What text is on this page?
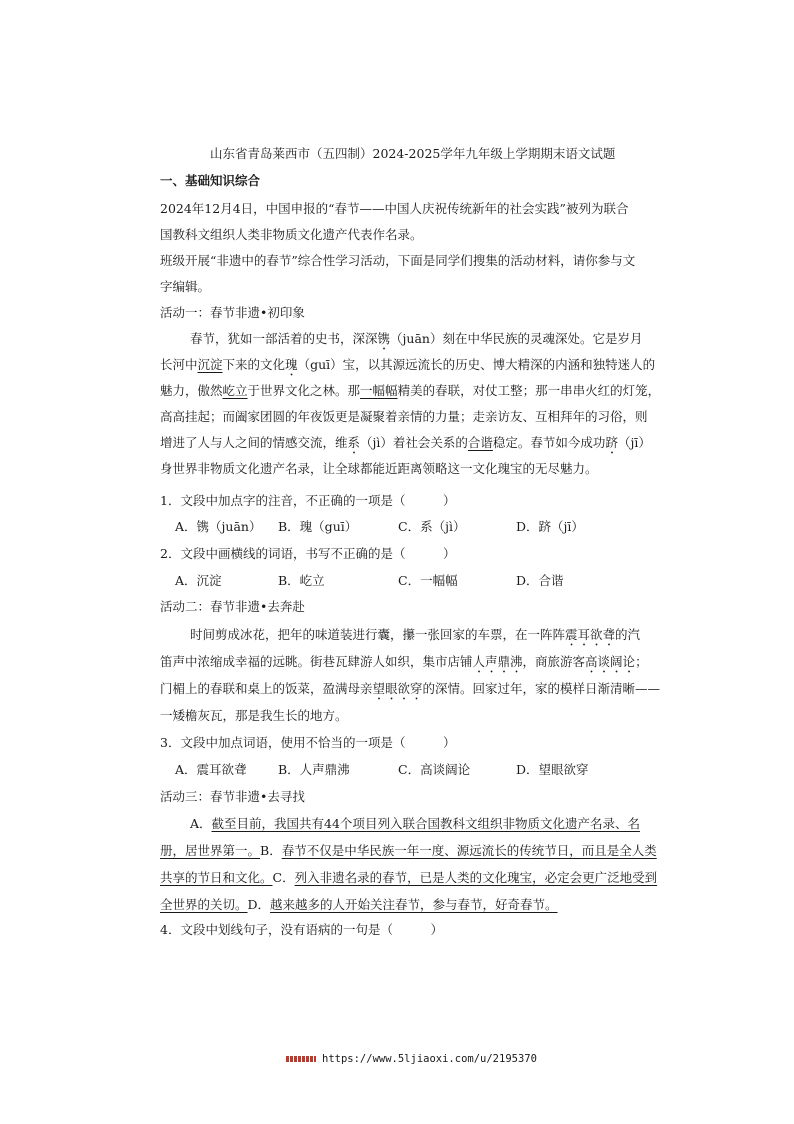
山东省青岛莱西市（五四制）2024-2025学年九年级上学期期末语文试题
一、基础知识综合
2024年12月4日，中国申报的“春节——中国人庆祝传统新年的社会实践”被列为联合
国教科文组织人类非物质文化遗产代表作名录。
班级开展“非遗中的春节”综合性学习活动，下面是同学们搜集的活动材料，请你参与文
字编辑。
活动一：春节非遗•初印象
春节，犹如一部活着的史书，深深镌（juān）刻在中华民族的灵魂深处。它是岁月
长河中沉淀下来的文化瑰（guī）宝，以其源远流长的历史、博大精深的内涵和独特迷人的
魅力，傲然屹立于世界文化之林。那一幅幅精美的春联，对仗工整；那一串串火红的灯笼，
高高挂起；而阖家团圆的年夜饭更是凝聚着亲情的力量；走亲访友、互相拜年的习俗，则
增进了人与人之间的情感交流，维系（jì）着社会关系的合谐稳定。春节如今成功跻（jī）
身世界非物质文化遗产名录，让全球都能近距离领略这一文化瑰宝的无尽魅力。
1．文段中加点字的注音，不正确的一项是（　　　）
A．镌（juān） B．瑰（guī）	C．系（jì）	D．跻（jī）
2．文段中画横线的词语，书写不正确的是（　　　）
A．沉淀	B．屹立	C．一幅幅	D．合谐
活动二：春节非遗•去奔赴
时间剪成冰花，把年的味道装进行囊，攥一张回家的车票，在一阵阵震耳欲聋的汽
笛声中浓缩成幸福的远眺。街巷瓦肆游人如织，集市店铺人声鼎沸，商旅游客高谈阔论；
门楣上的春联和桌上的饭菜，盈满母亲望眼欲穿的深情。回家过年，家的模样日渐清晰——
一矮檐灰瓦，那是我生长的地方。
3．文段中加点词语，使用不恰当的一项是（　　　）
A．震耳欲聋	B．人声鼎沸	C．高谈阔论	D．望眼欲穿
活动三：春节非遗•去寻找
A．截至目前，我国共有44个项目列入联合国教科文组织非物质文化遗产名录、名
册，居世界第一。B．春节不仅是中华民族一年一度、源远流长的传统节日，而且是全人类
共享的节日和文化。C．列入非遗名录的春节，已是人类的文化瑰宝，必定会更广泛地受到
全世界的关切。D．越来越多的人开始关注春节，参与春节，好奇春节。
4．文段中划线句子，没有语病的一句是（　　　）
https://www.5ljiaoxi.com/u/2195370
